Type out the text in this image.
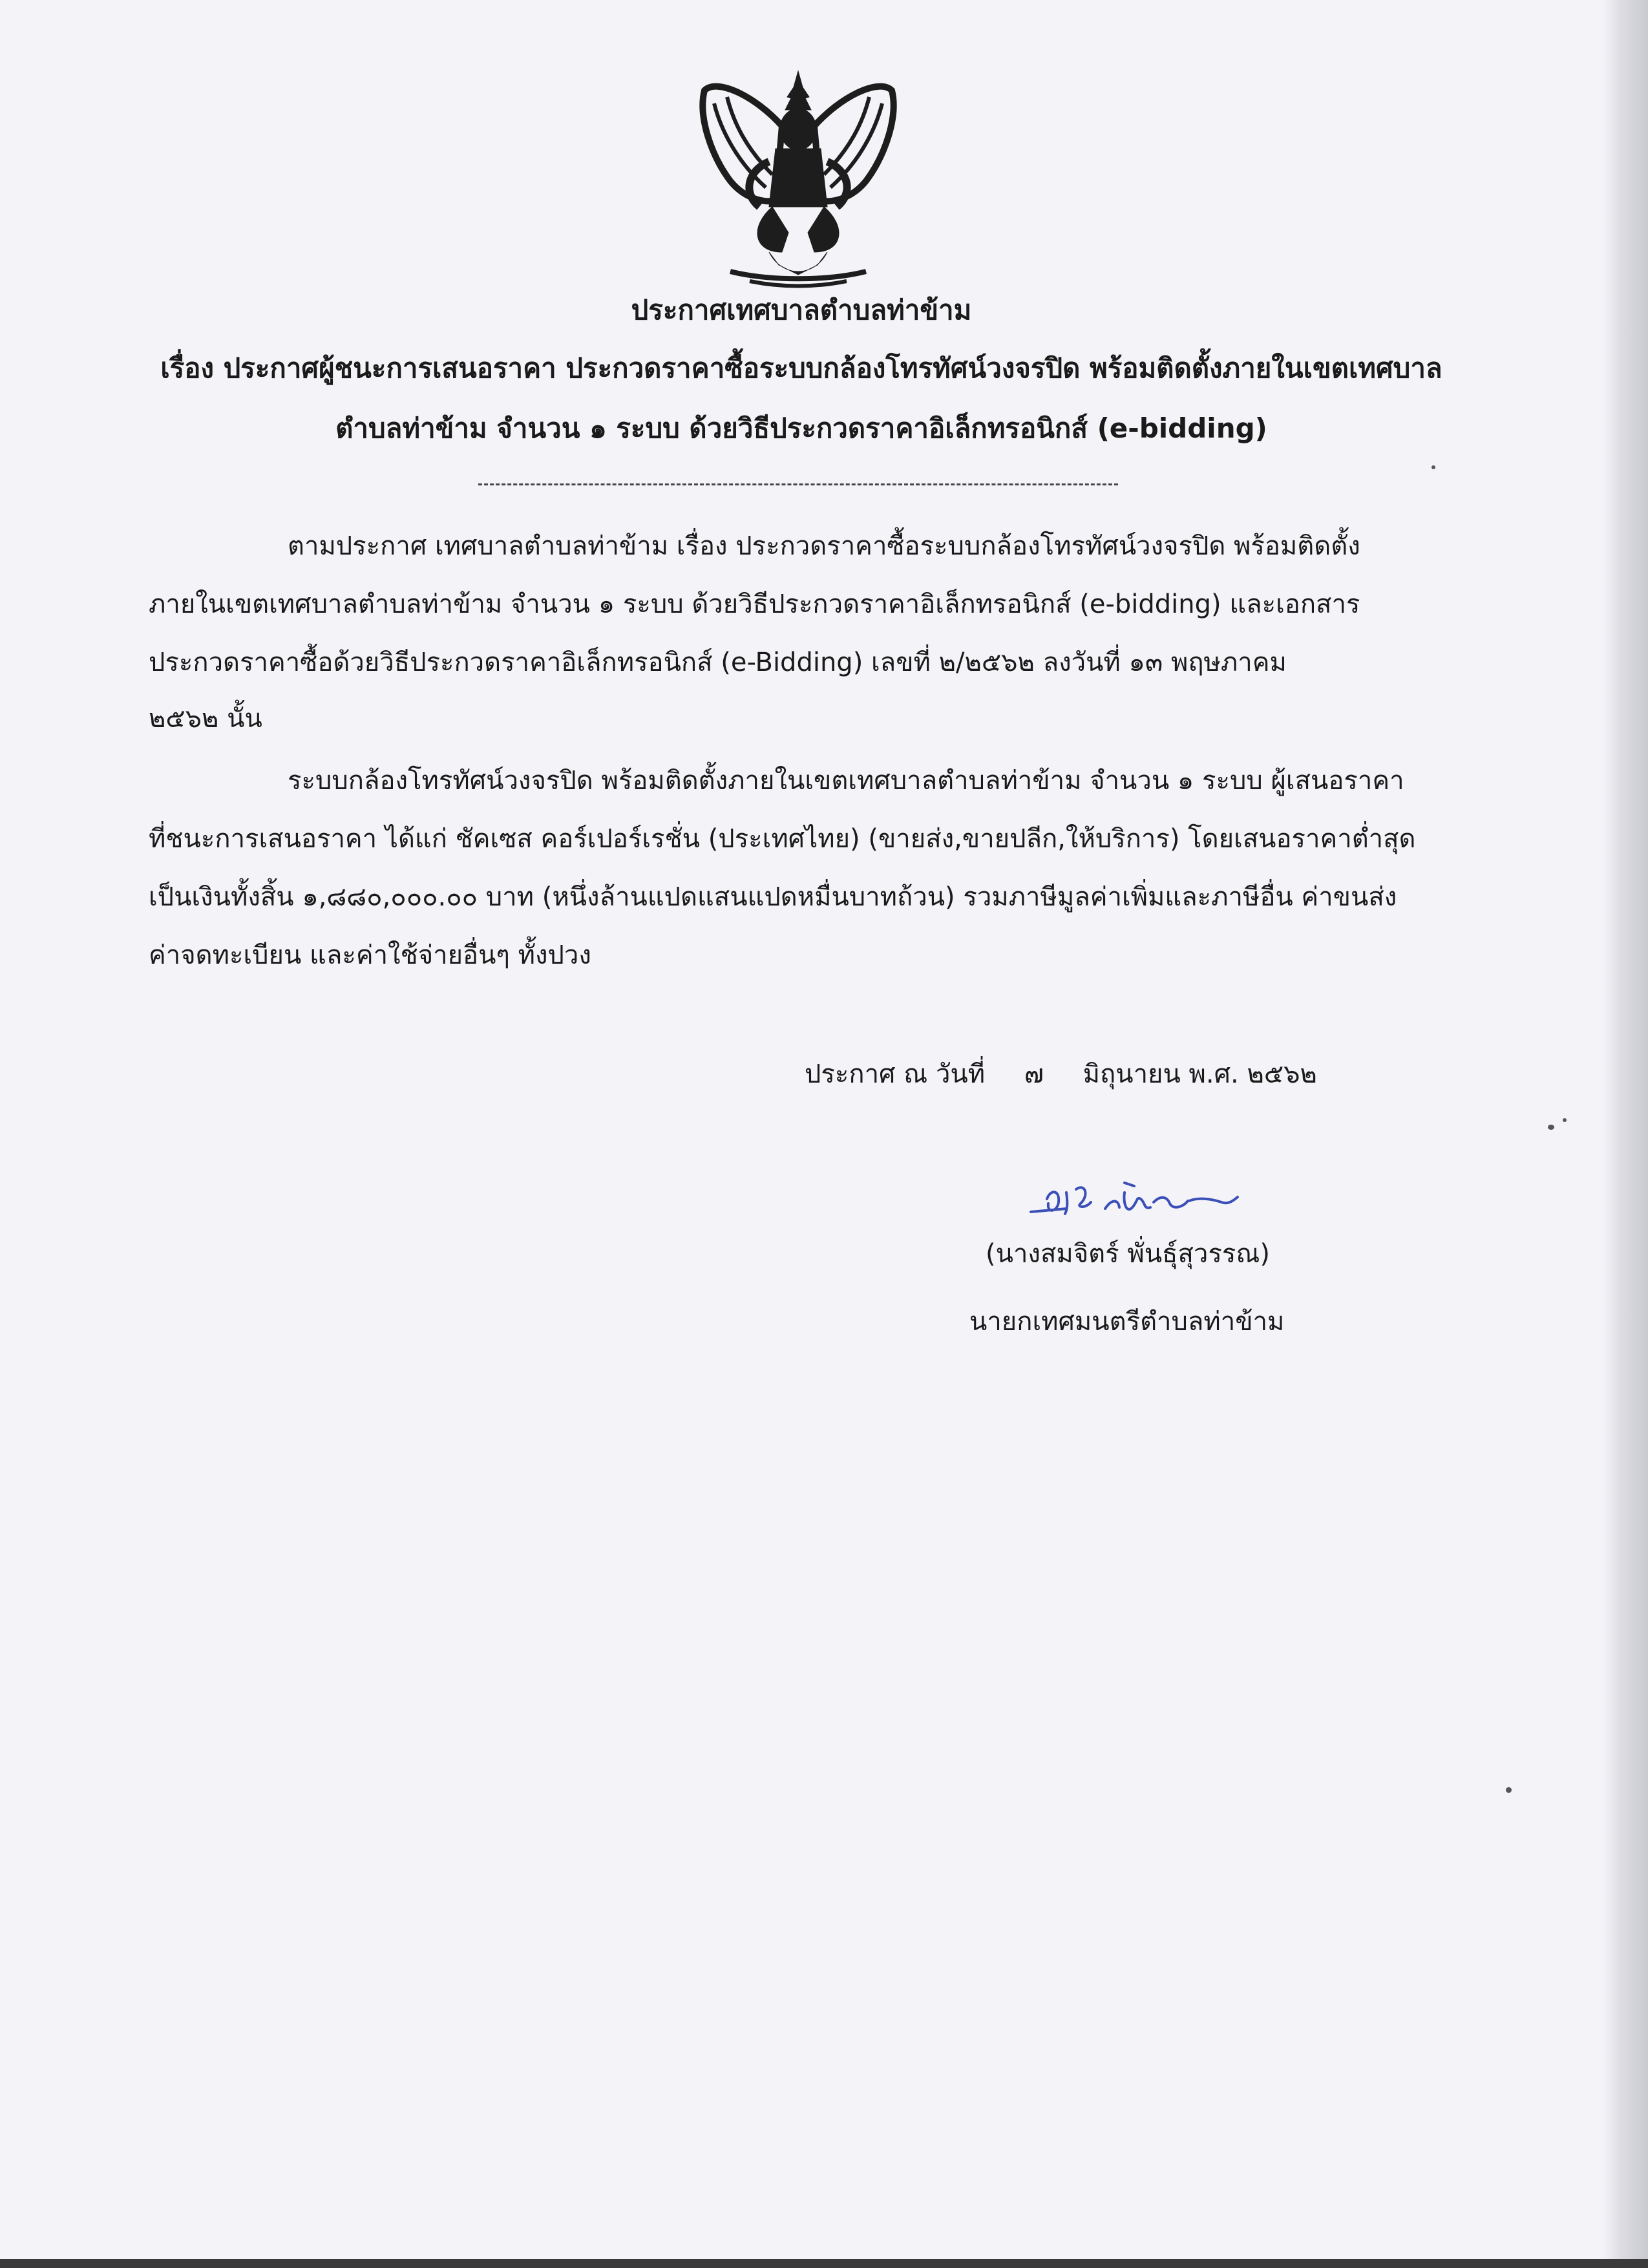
ประกาศเทศบาลตำบลท่าข้าม
เรื่อง ประกาศผู้ชนะการเสนอราคา ประกวดราคาซื้อระบบกล้องโทรทัศน์วงจรปิด พร้อมติดตั้งภายในเขตเทศบาล
ตำบลท่าข้าม จำนวน ๑ ระบบ ด้วยวิธีประกวดราคาอิเล็กทรอนิกส์ (e-bidding)
ตามประกาศ เทศบาลตำบลท่าข้าม เรื่อง ประกวดราคาซื้อระบบกล้องโทรทัศน์วงจรปิด พร้อมติดตั้ง
ภายในเขตเทศบาลตำบลท่าข้าม จำนวน ๑ ระบบ ด้วยวิธีประกวดราคาอิเล็กทรอนิกส์ (e-bidding) และเอกสาร
ประกวดราคาซื้อด้วยวิธีประกวดราคาอิเล็กทรอนิกส์ (e-Bidding) เลขที่ ๒/๒๕๖๒ ลงวันที่ ๑๓ พฤษภาคม
๒๕๖๒ นั้น
ระบบกล้องโทรทัศน์วงจรปิด พร้อมติดตั้งภายในเขตเทศบาลตำบลท่าข้าม จำนวน ๑ ระบบ ผู้เสนอราคา
ที่ชนะการเสนอราคา ได้แก่ ชัคเซส คอร์เปอร์เรชั่น (ประเทศไทย) (ขายส่ง,ขายปลีก,ให้บริการ) โดยเสนอราคาต่ำสุด
เป็นเงินทั้งสิ้น ๑,๘๘๐,๐๐๐.๐๐ บาท (หนึ่งล้านแปดแสนแปดหมื่นบาทถ้วน) รวมภาษีมูลค่าเพิ่มและภาษีอื่น ค่าขนส่ง
ค่าจดทะเบียน และค่าใช้จ่ายอื่นๆ ทั้งปวง
ประกาศ ณ วันที่ ๗ มิถุนายน พ.ศ. ๒๕๖๒
(นางสมจิตร์ พั่นธุ์สุวรรณ)
นายกเทศมนตรีตำบลท่าข้าม
